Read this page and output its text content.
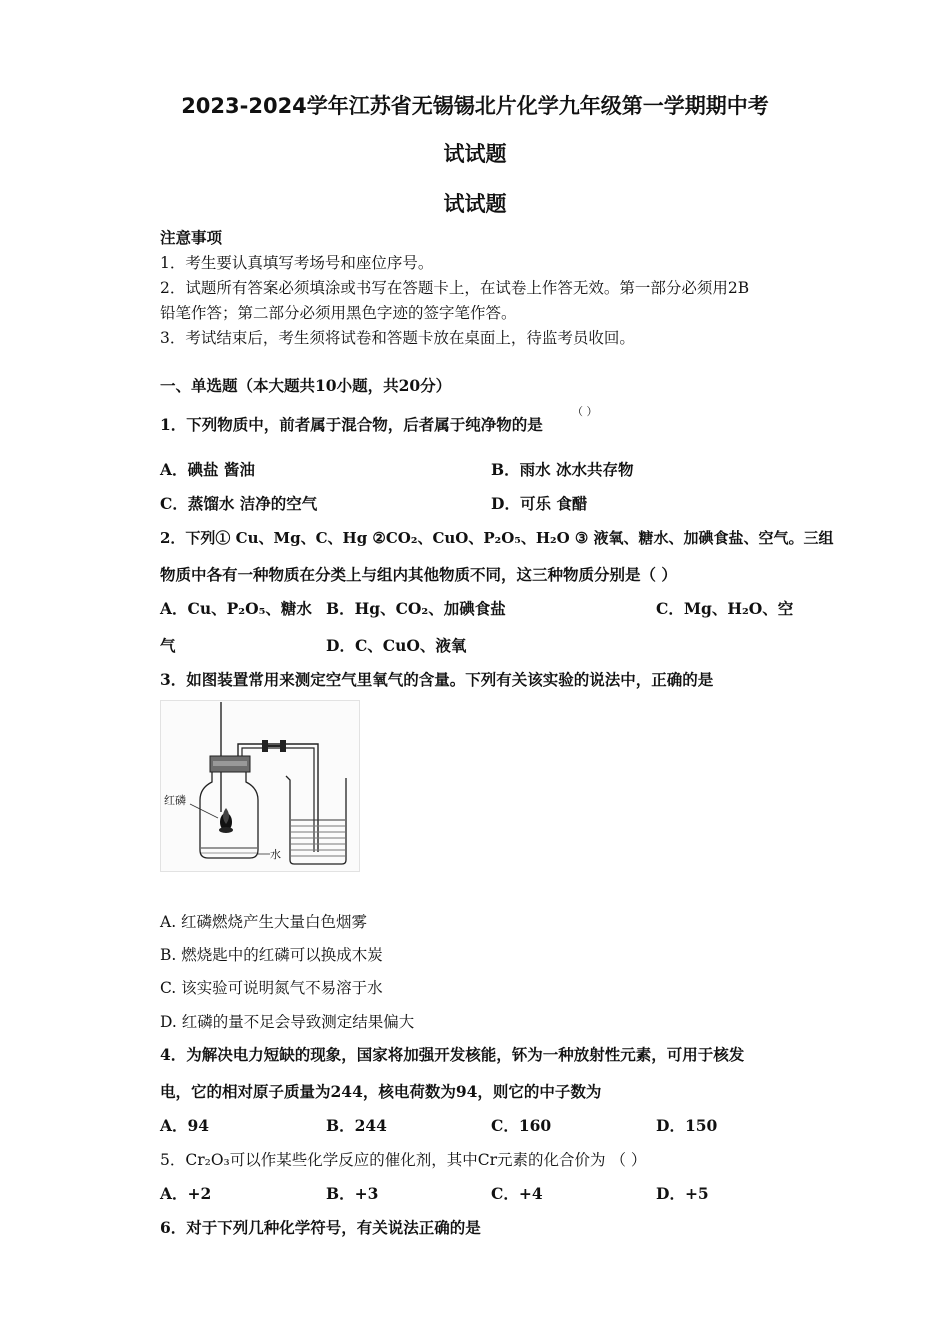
2023-2024学年江苏省无锡锡北片化学九年级第一学期期中考
试试题
试试题
注意事项
1．考生要认真填写考场号和座位序号。
2．试题所有答案必须填涂或书写在答题卡上，在试卷上作答无效。第一部分必须用2B
铅笔作答；第二部分必须用黑色字迹的签字笔作答。
3．考试结束后，考生须将试卷和答题卡放在桌面上，待监考员收回。
一、单选题（本大题共10小题，共20分）
1．下列物质中，前者属于混合物，后者属于纯净物的是
（ ）
A．碘盐 酱油	B．雨水 冰水共存物
C．蒸馏水 洁净的空气	D．可乐 食醋
2．下列① Cu、Mg、C、Hg ②CO₂、CuO、P₂O₅、H₂O ③ 液氧、糖水、加碘食盐、空气。三组
物质中各有一种物质在分类上与组内其他物质不同，这三种物质分别是（ ）
A．Cu、P₂O₅、糖水 B．Hg、CO₂、加碘食盐	C．Mg、H₂O、空
气	D．C、CuO、液氧
3．如图装置常用来测定空气里氧气的含量。下列有关该实验的说法中，正确的是
红磷
水
A. 红磷燃烧产生大量白色烟雾
B. 燃烧匙中的红磷可以换成木炭
C. 该实验可说明氮气不易溶于水
D. 红磷的量不足会导致测定结果偏大
4．为解决电力短缺的现象，国家将加强开发核能，钚为一种放射性元素，可用于核发
电，它的相对原子质量为244，核电荷数为94，则它的中子数为
A．94	B．244	C．160	D．150
5．Cr₂O₃可以作某些化学反应的催化剂，其中Cr元素的化合价为 （ ）
A．+2	B．+3	C．+4	D．+5
6．对于下列几种化学符号，有关说法正确的是
